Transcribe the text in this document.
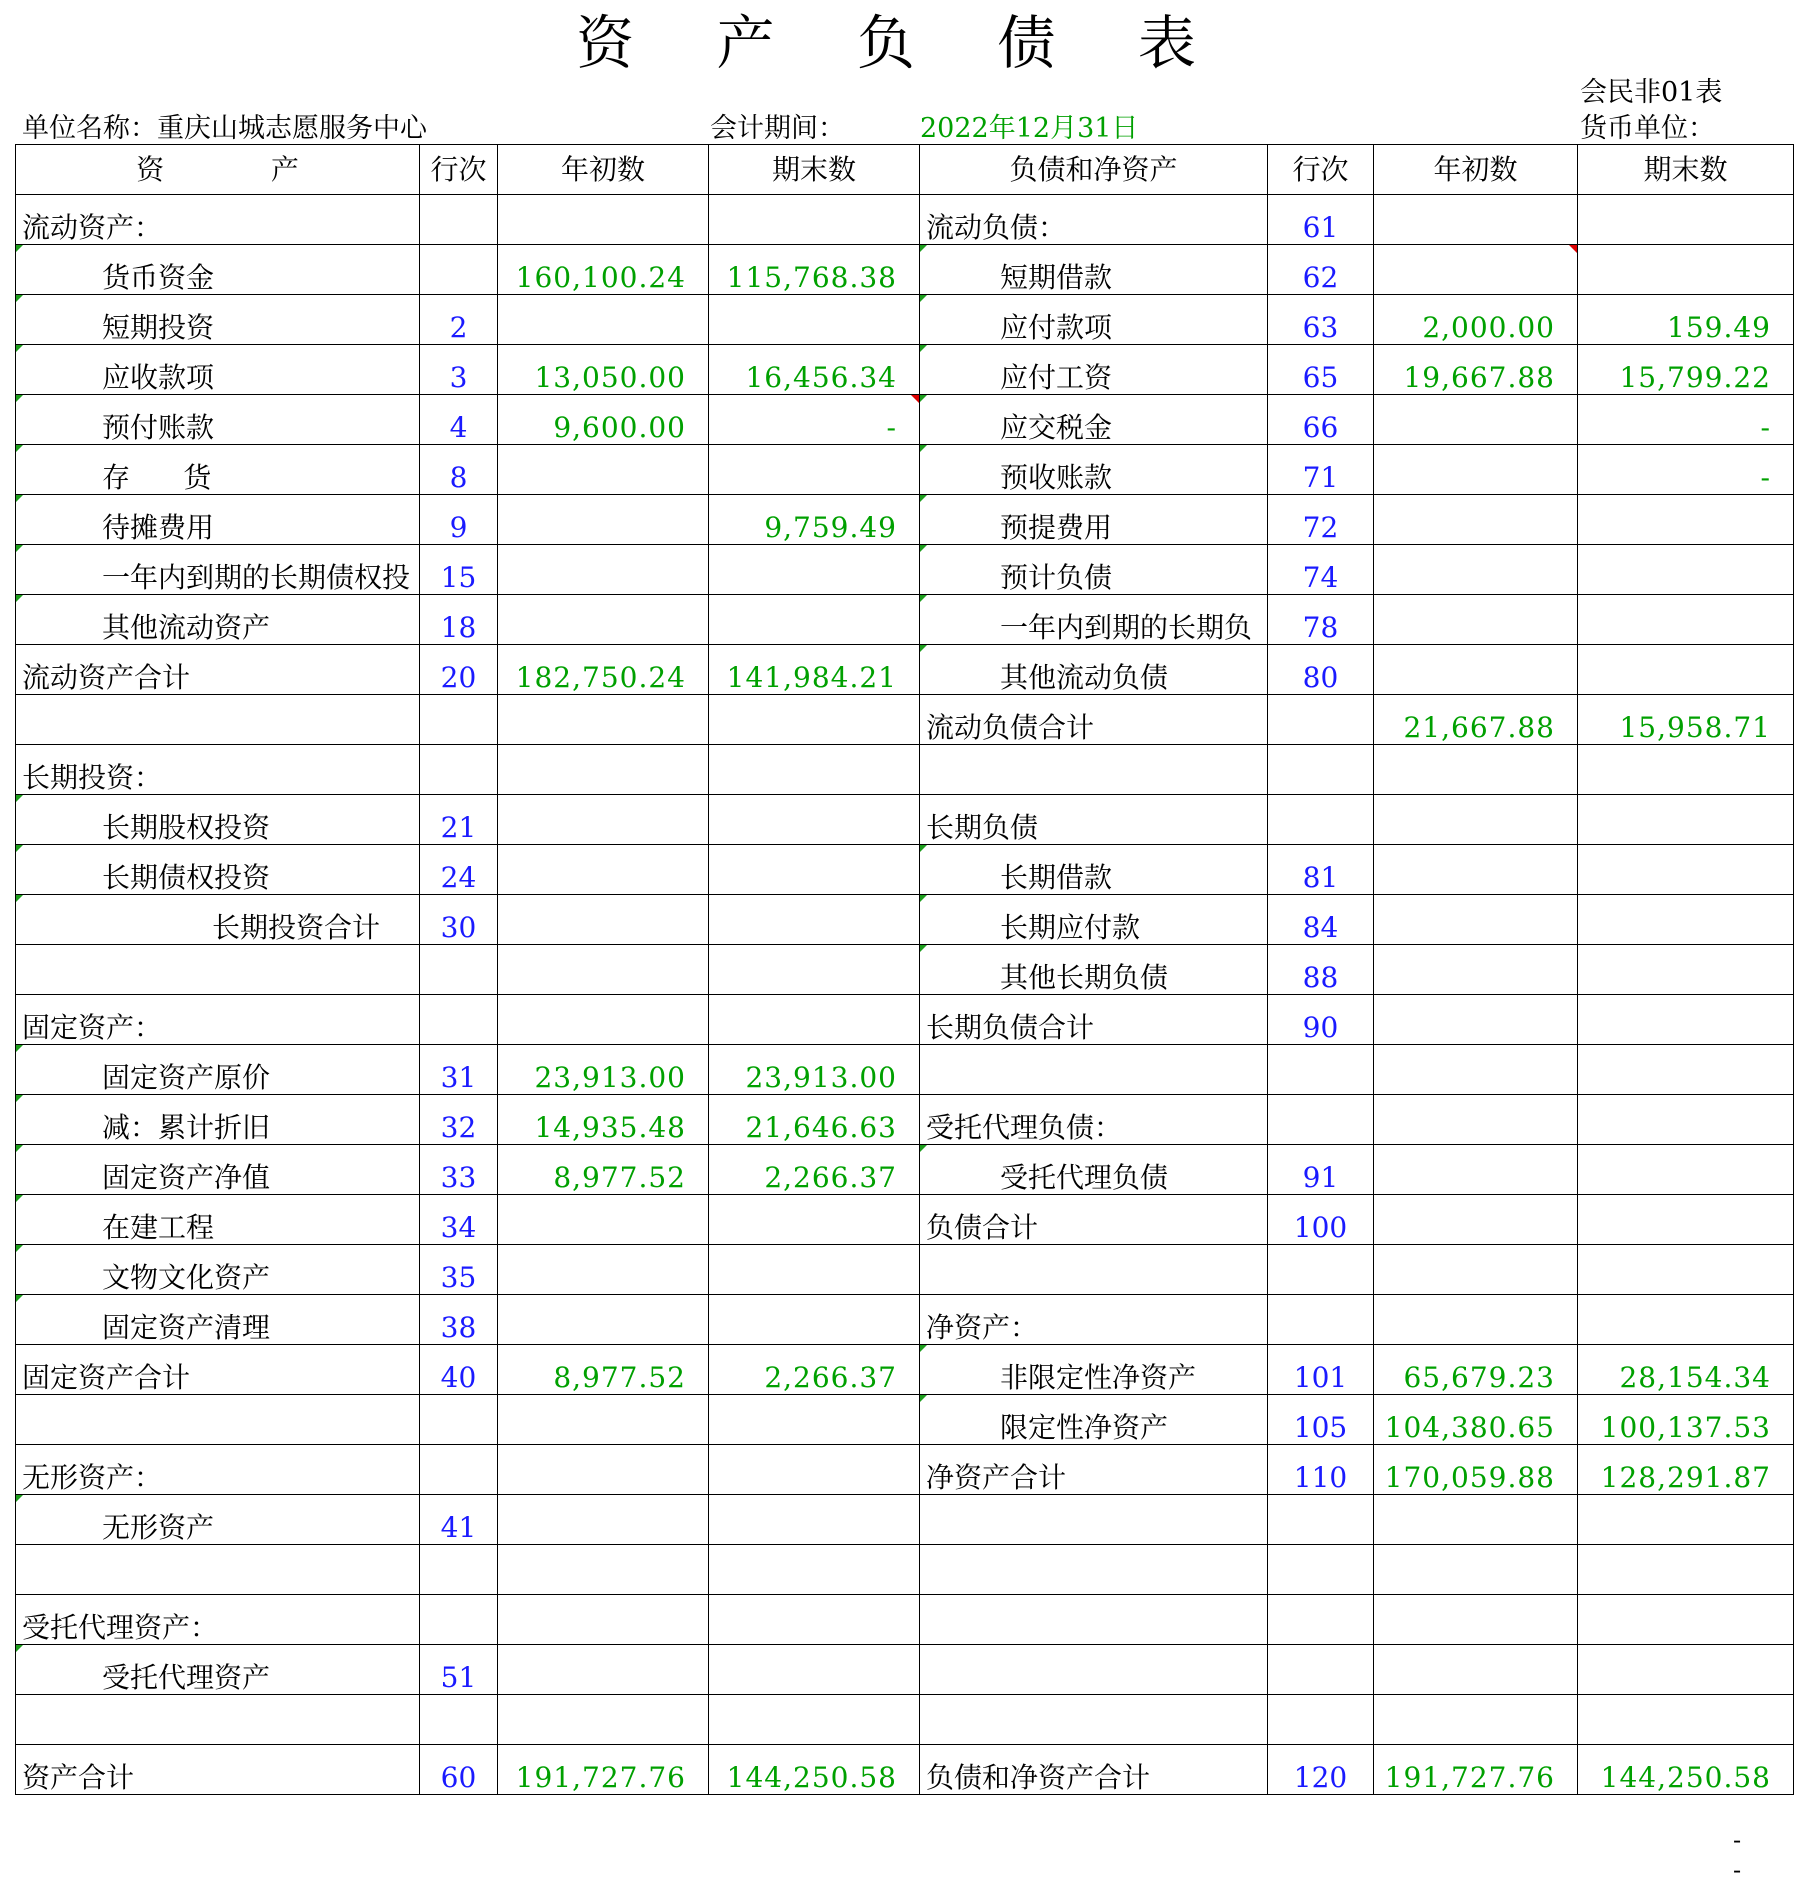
资 产 负 债 表
会民非01表
单位名称：重庆山城志愿服务中心	会计期间：	2022年12月31日	货币单位：
资            产	行次	年初数	期末数	负债和净资产	行次	年初数	期末数
流动资产：				流动负债：	61		
货币资金		160,100.24	115,768.38	短期借款	62		
短期投资	2			应付款项	63	2,000.00	159.49
应收款项	3	13,050.00	16,456.34	应付工资	65	19,667.88	15,799.22
预付账款	4	9,600.00	-	应交税金	66		-
存      货	8			预收账款	71		-
待摊费用	9		9,759.49	预提费用	72		
一年内到期的长期债权投	15			预计负债	74		
其他流动资产	18			一年内到期的长期负	78		
流动资产合计	20	182,750.24	141,984.21	其他流动负债	80		
				流动负债合计		21,667.88	15,958.71
长期投资：							
长期股权投资	21			长期负债			
长期债权投资	24			长期借款	81		
长期投资合计	30			长期应付款	84		
				其他长期负债	88		
固定资产：				长期负债合计	90		
固定资产原价	31	23,913.00	23,913.00				
减：累计折旧	32	14,935.48	21,646.63	受托代理负债：			
固定资产净值	33	8,977.52	2,266.37	受托代理负债	91		
在建工程	34			负债合计	100		
文物文化资产	35						
固定资产清理	38			净资产：			
固定资产合计	40	8,977.52	2,266.37	非限定性净资产	101	65,679.23	28,154.34
				限定性净资产	105	104,380.65	100,137.53
无形资产：				净资产合计	110	170,059.88	128,291.87
无形资产	41						

受托代理资产：							
受托代理资产	51						

资产合计	60	191,727.76	144,250.58	负债和净资产合计	120	191,727.76	144,250.58
-
-
